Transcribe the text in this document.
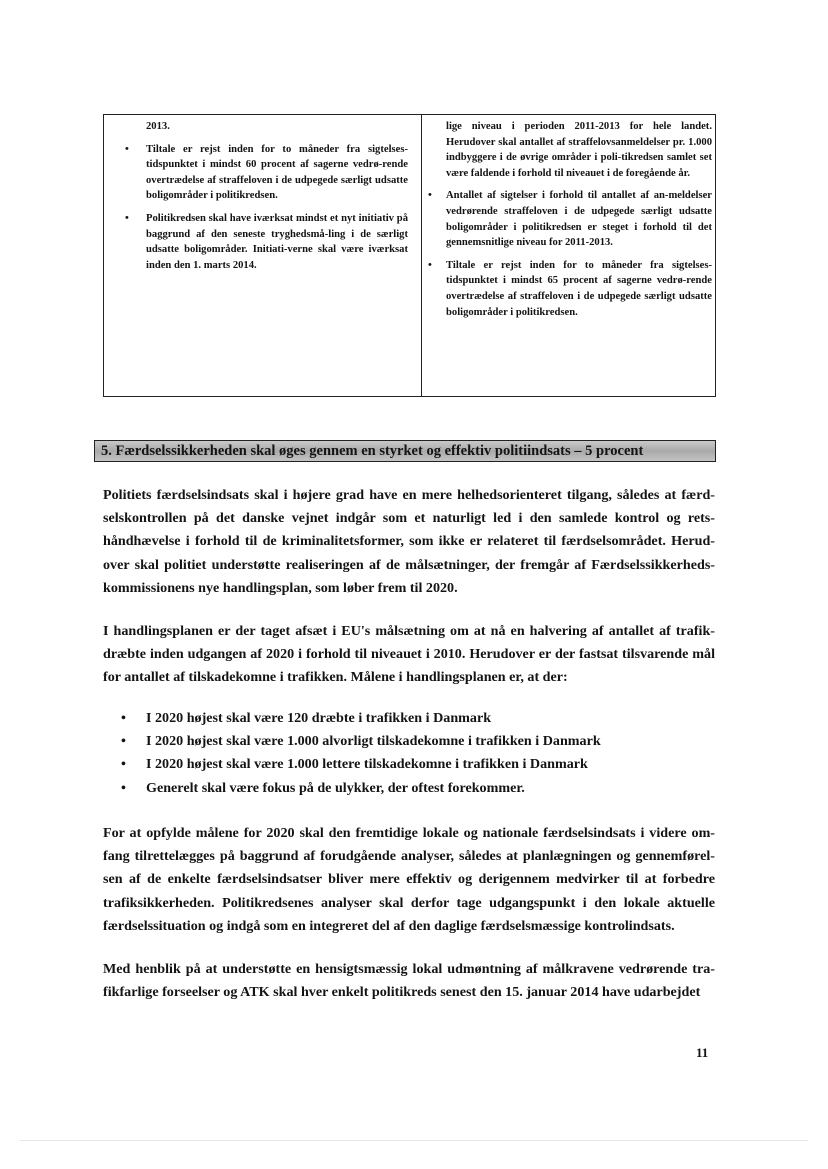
2013.
• Tiltale er rejst inden for to måneder fra sigtelses-tidspunktet i mindst 60 procent af sagerne vedrø-rende overtrædelse af straffeloven i de udpegede særligt udsatte boligområder i politikredsen.
• Politikredsen skal have iværksat mindst et nyt initiativ på baggrund af den seneste tryghedsmå-ling i de særligt udsatte boligområder. Initiati-verne skal være iværksat inden den 1. marts 2014.
lige niveau i perioden 2011-2013 for hele landet. Herudover skal antallet af straffelovsanmeldelser pr. 1.000 indbyggere i de øvrige områder i poli-tikredsen samlet set være faldende i forhold til niveauet i de foregående år.
• Antallet af sigtelser i forhold til antallet af an-meldelser vedrørende straffeloven i de udpegede særligt udsatte boligområder i politikredsen er steget i forhold til det gennemsnitlige niveau for 2011-2013.
• Tiltale er rejst inden for to måneder fra sigtelses-tidspunktet i mindst 65 procent af sagerne vedrø-rende overtrædelse af straffeloven i de udpegede særligt udsatte boligområder i politikredsen.
5. Færdselssikkerheden skal øges gennem en styrket og effektiv politiindsats – 5 procent

Politiets færdselsindsats skal i højere grad have en mere helhedsorienteret tilgang, således at færd-selskontrollen på det danske vejnet indgår som et naturligt led i den samlede kontrol og rets-håndhævelse i forhold til de kriminalitetsformer, som ikke er relateret til færdselsområdet. Herud-over skal politiet understøtte realiseringen af de målsætninger, der fremgår af Færdselssikkerheds-kommissionens nye handlingsplan, som løber frem til 2020.

I handlingsplanen er der taget afsæt i EU's målsætning om at nå en halvering af antallet af trafik-dræbte inden udgangen af 2020 i forhold til niveauet i 2010. Herudover er der fastsat tilsvarende mål for antallet af tilskadekomne i trafikken. Målene i handlingsplanen er, at der:

• I 2020 højest skal være 120 dræbte i trafikken i Danmark
• I 2020 højest skal være 1.000 alvorligt tilskadekomne i trafikken i Danmark
• I 2020 højest skal være 1.000 lettere tilskadekomne i trafikken i Danmark
• Generelt skal være fokus på de ulykker, der oftest forekommer.

For at opfylde målene for 2020 skal den fremtidige lokale og nationale færdselsindsats i videre om-fang tilrettelægges på baggrund af forudgående analyser, således at planlægningen og gennemførel-sen af de enkelte færdselsindsatser bliver mere effektiv og derigennem medvirker til at forbedre trafiksikkerheden. Politikredsenes analyser skal derfor tage udgangspunkt i den lokale aktuelle færdselssituation og indgå som en integreret del af den daglige færdselsmæssige kontrolindsats.

Med henblik på at understøtte en hensigtsmæssig lokal udmøntning af målkravene vedrørende tra-fikfarlige forseelser og ATK skal hver enkelt politikreds senest den 15. januar 2014 have udarbejdet

11
